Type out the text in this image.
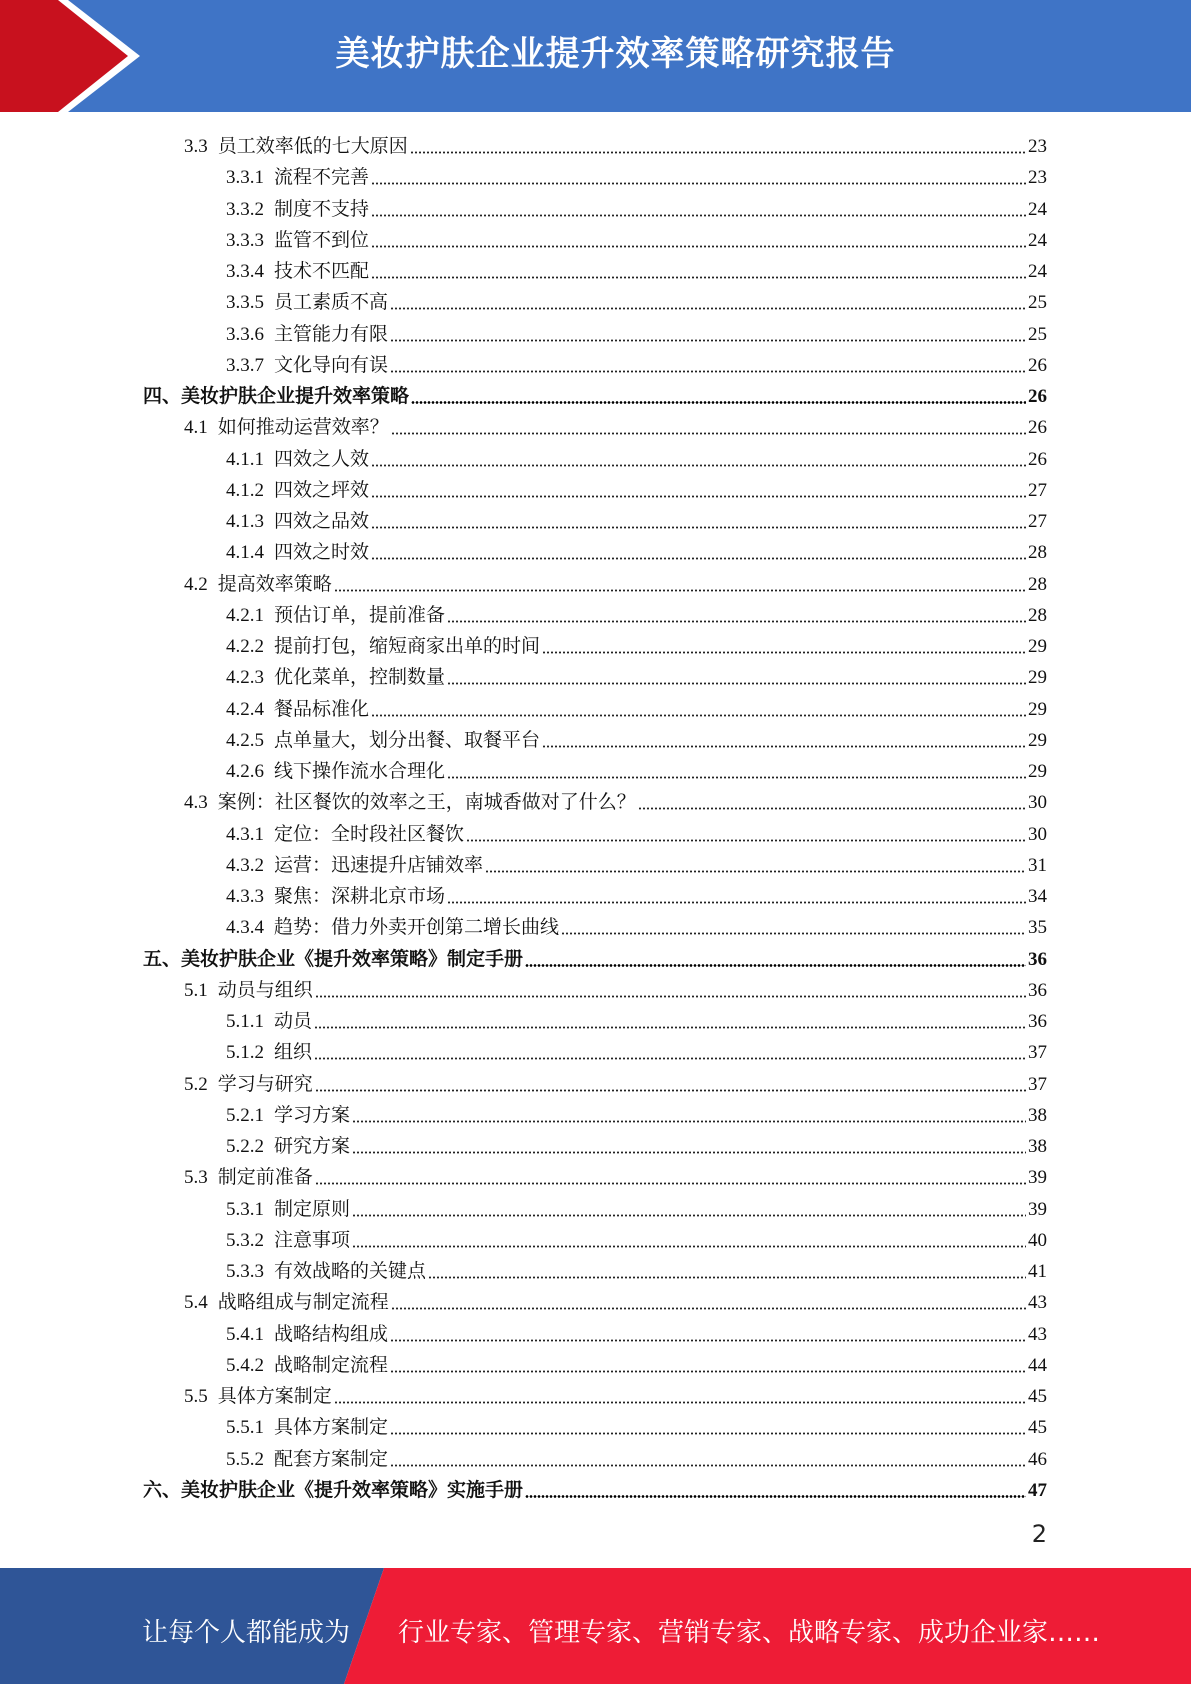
美妆护肤企业提升效率策略研究报告
3.3 员工效率低的七大原因	23
3.3.1 流程不完善	23
3.3.2 制度不支持	24
3.3.3 监管不到位	24
3.3.4 技术不匹配	24
3.3.5 员工素质不高	25
3.3.6 主管能力有限	25
3.3.7 文化导向有误	26
四、 美妆护肤企业提升效率策略	26
4.1 如何推动运营效率？	26
4.1.1 四效之人效	26
4.1.2 四效之坪效	27
4.1.3 四效之品效	27
4.1.4 四效之时效	28
4.2 提高效率策略	28
4.2.1 预估订单，提前准备	28
4.2.2 提前打包，缩短商家出单的时间	29
4.2.3 优化菜单，控制数量	29
4.2.4 餐品标准化	29
4.2.5 点单量大，划分出餐、取餐平台	29
4.2.6 线下操作流水合理化	29
4.3 案例：社区餐饮的效率之王，南城香做对了什么？	30
4.3.1 定位：全时段社区餐饮	30
4.3.2 运营：迅速提升店铺效率	31
4.3.3 聚焦：深耕北京市场	34
4.3.4 趋势：借力外卖开创第二增长曲线	35
五、 美妆护肤企业《提升效率策略》制定手册	36
5.1 动员与组织	36
5.1.1 动员	36
5.1.2 组织	37
5.2 学习与研究	37
5.2.1 学习方案	38
5.2.2 研究方案	38
5.3 制定前准备	39
5.3.1 制定原则	39
5.3.2 注意事项	40
5.3.3 有效战略的关键点	41
5.4 战略组成与制定流程	43
5.4.1 战略结构组成	43
5.4.2 战略制定流程	44
5.5 具体方案制定	45
5.5.1 具体方案制定	45
5.5.2 配套方案制定	46
六、 美妆护肤企业《提升效率策略》实施手册	47
2
让每个人都能成为 行业专家、管理专家、营销专家、战略专家、成功企业家……
